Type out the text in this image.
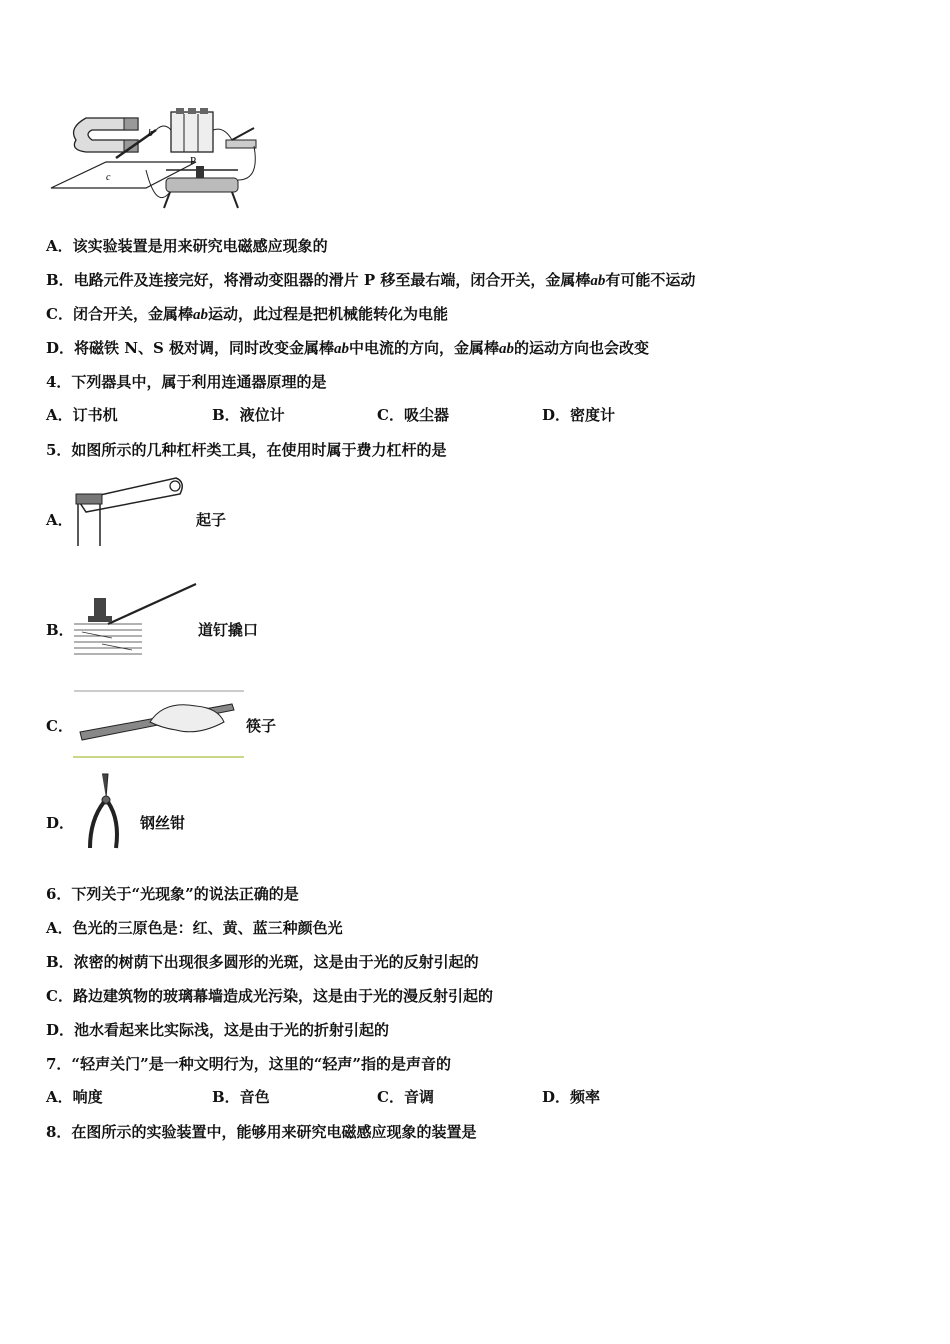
b
c
P
A．该实验装置是用来研究电磁感应现象的
B．电路元件及连接完好，将滑动变阻器的滑片 P 移至最右端，闭合开关，金属棒ab有可能不运动
C．闭合开关，金属棒ab运动，此过程是把机械能转化为电能
D．将磁铁 N、S 极对调，同时改变金属棒ab中电流的方向，金属棒ab的运动方向也会改变
4．下列器具中，属于利用连通器原理的是
A．订书机	B．液位计	C．吸尘器	D．密度计
5．如图所示的几种杠杆类工具，在使用时属于费力杠杆的是
A．	起子
B．	道钉撬口
C．	筷子
D．	钢丝钳
6．下列关于“光现象”的说法正确的是
A．色光的三原色是：红、黄、蓝三种颜色光
B．浓密的树荫下出现很多圆形的光斑，这是由于光的反射引起的
C．路边建筑物的玻璃幕墙造成光污染，这是由于光的漫反射引起的
D．池水看起来比实际浅，这是由于光的折射引起的
7．“轻声关门”是一种文明行为，这里的“轻声”指的是声音的
A．响度	B．音色	C．音调	D．频率
8．在图所示的实验装置中，能够用来研究电磁感应现象的装置是
